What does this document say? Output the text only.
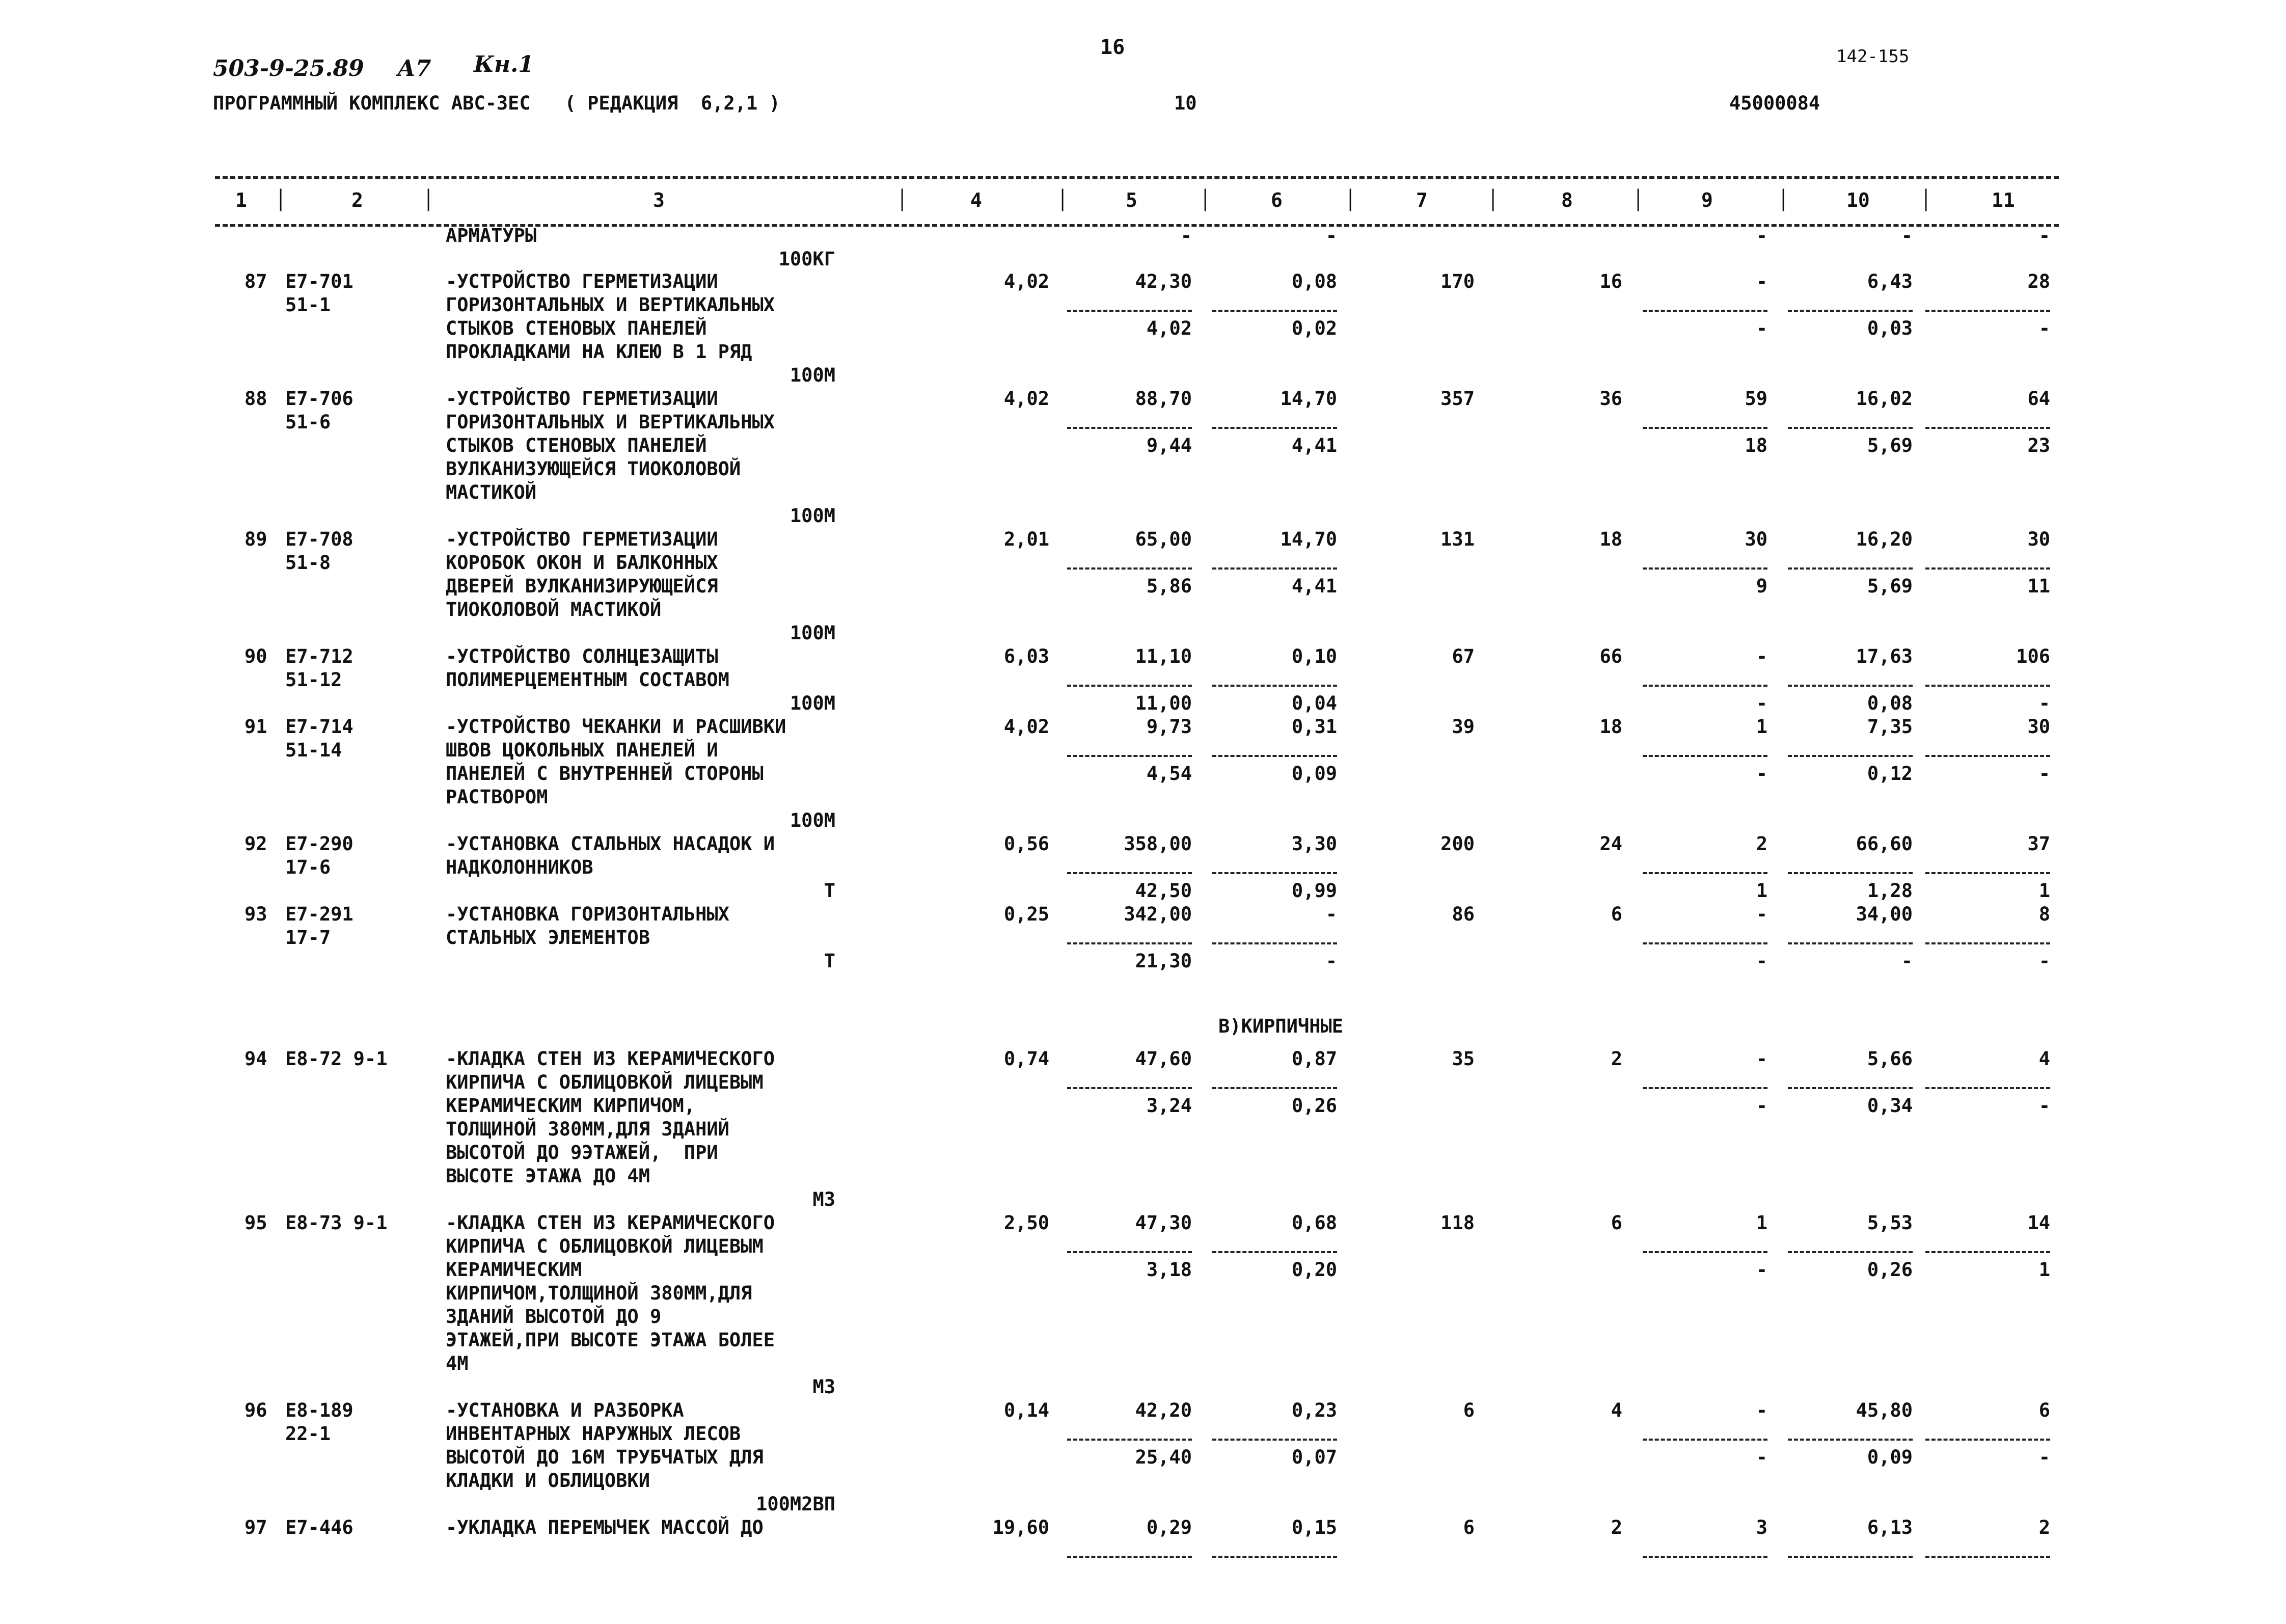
503-9-25.89 А7 Кн.1
16	142-155
ПРОГРАММНЫЙ КОМПЛЕКС АВС-3ЕС   ( РЕДАКЦИЯ  6,2,1 )	10	45000084
1	2	3	4	5	6	7	8	9	10	11
│	│	│	│	│	│	│	│	│	│
В)КИРПИЧНЫЕ
АРМАТУРЫ	-	-	-	-	-
100КГ
87 Е7-701	-УСТРОЙСТВО ГЕРМЕТИЗАЦИИ	4,02	42,30	0,08	170	16	-	6,43	28
51-1	ГОРИЗОНТАЛЬНЫХ И ВЕРТИКАЛЬНЫХ
СТЫКОВ СТЕНОВЫХ ПАНЕЛЕЙ	4,02	0,02	-	0,03	-
ПРОКЛАДКАМИ НА КЛЕЮ В 1 РЯД
100М
88 Е7-706	-УСТРОЙСТВО ГЕРМЕТИЗАЦИИ	4,02	88,70	14,70	357	36	59	16,02	64
51-6	ГОРИЗОНТАЛЬНЫХ И ВЕРТИКАЛЬНЫХ
СТЫКОВ СТЕНОВЫХ ПАНЕЛЕЙ	9,44	4,41	18	5,69	23
ВУЛКАНИЗУЮЩЕЙСЯ ТИОКОЛОВОЙ
МАСТИКОЙ
100М
89 Е7-708	-УСТРОЙСТВО ГЕРМЕТИЗАЦИИ	2,01	65,00	14,70	131	18	30	16,20	30
51-8	КОРОБОК ОКОН И БАЛКОННЫХ
ДВЕРЕЙ ВУЛКАНИЗИРУЮЩЕЙСЯ	5,86	4,41	9	5,69	11
ТИОКОЛОВОЙ МАСТИКОЙ
100М
90 Е7-712	-УСТРОЙСТВО СОЛНЦЕЗАЩИТЫ	6,03	11,10	0,10	67	66	-	17,63	106
51-12	ПОЛИМЕРЦЕМЕНТНЫМ СОСТАВОМ
100М	11,00	0,04	-	0,08	-
91 Е7-714	-УСТРОЙСТВО ЧЕКАНКИ И РАСШИВКИ	4,02	9,73	0,31	39	18	1	7,35	30
51-14	ШВОВ ЦОКОЛЬНЫХ ПАНЕЛЕЙ И
ПАНЕЛЕЙ С ВНУТРЕННЕЙ СТОРОНЫ	4,54	0,09	-	0,12	-
РАСТВОРОМ
100М
92 Е7-290	-УСТАНОВКА СТАЛЬНЫХ НАСАДОК И	0,56	358,00	3,30	200	24	2	66,60	37
17-6	НАДКОЛОННИКОВ
Т	42,50	0,99	1	1,28	1
93 Е7-291	-УСТАНОВКА ГОРИЗОНТАЛЬНЫХ	0,25	342,00	-	86	6	-	34,00	8
17-7	СТАЛЬНЫХ ЭЛЕМЕНТОВ
Т	21,30	-	-	-	-
94 Е8-72 9-1	-КЛАДКА СТЕН ИЗ КЕРАМИЧЕСКОГО	0,74	47,60	0,87	35	2	-	5,66	4
КИРПИЧА С ОБЛИЦОВКОЙ ЛИЦЕВЫМ
КЕРАМИЧЕСКИМ КИРПИЧОМ,	3,24	0,26	-	0,34	-
ТОЛЩИНОЙ 380ММ,ДЛЯ ЗДАНИЙ
ВЫСОТОЙ ДО 9ЭТАЖЕЙ,  ПРИ
ВЫСОТЕ ЭТАЖА ДО 4М
М3
95 Е8-73 9-1	-КЛАДКА СТЕН ИЗ КЕРАМИЧЕСКОГО	2,50	47,30	0,68	118	6	1	5,53	14
КИРПИЧА С ОБЛИЦОВКОЙ ЛИЦЕВЫМ
КЕРАМИЧЕСКИМ	3,18	0,20	-	0,26	1
КИРПИЧОМ,ТОЛЩИНОЙ 380ММ,ДЛЯ
ЗДАНИЙ ВЫСОТОЙ ДО 9
ЭТАЖЕЙ,ПРИ ВЫСОТЕ ЭТАЖА БОЛЕЕ
4М
М3
96 Е8-189	-УСТАНОВКА И РАЗБОРКА	0,14	42,20	0,23	6	4	-	45,80	6
22-1	ИНВЕНТАРНЫХ НАРУЖНЫХ ЛЕСОВ
ВЫСОТОЙ ДО 16М ТРУБЧАТЫХ ДЛЯ	25,40	0,07	-	0,09	-
КЛАДКИ И ОБЛИЦОВКИ
100М2ВП
97 Е7-446	-УКЛАДКА ПЕРЕМЫЧЕК МАССОЙ ДО	19,60	0,29	0,15	6	2	3	6,13	2
